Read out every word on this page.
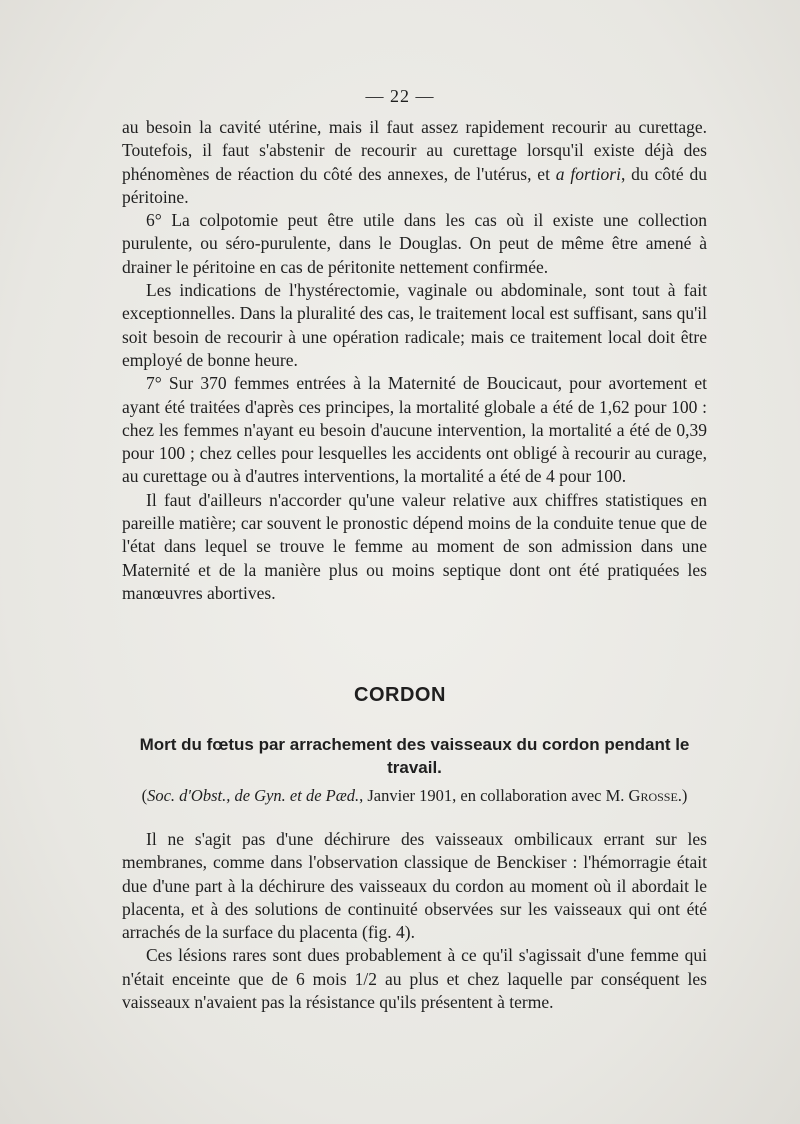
— 22 —

au besoin la cavité utérine, mais il faut assez rapidement recourir au curettage. Toutefois, il faut s'abstenir de recourir au curettage lorsqu'il existe déjà des phénomènes de réaction du côté des annexes, de l'utérus, et a fortiori, du côté du péritoine.

6° La colpotomie peut être utile dans les cas où il existe une collection purulente, ou séro-purulente, dans le Douglas. On peut de même être amené à drainer le péritoine en cas de péritonite nettement confirmée.

Les indications de l'hystérectomie, vaginale ou abdominale, sont tout à fait exceptionnelles. Dans la pluralité des cas, le traitement local est suffisant, sans qu'il soit besoin de recourir à une opération radicale; mais ce traitement local doit être employé de bonne heure.

7° Sur 370 femmes entrées à la Maternité de Boucicaut, pour avortement et ayant été traitées d'après ces principes, la mortalité globale a été de 1,62 pour 100 : chez les femmes n'ayant eu besoin d'aucune intervention, la mortalité a été de 0,39 pour 100 ; chez celles pour lesquelles les accidents ont obligé à recourir au curage, au curettage ou à d'autres interventions, la mortalité a été de 4 pour 100.

Il faut d'ailleurs n'accorder qu'une valeur relative aux chiffres statistiques en pareille matière; car souvent le pronostic dépend moins de la conduite tenue que de l'état dans lequel se trouve le femme au moment de son admission dans une Maternité et de la manière plus ou moins septique dont ont été pratiquées les manœuvres abortives.

CORDON
Mort du fœtus par arrachement des vaisseaux du cordon pendant le travail.
(Soc. d'Obst., de Gyn. et de Pæd., Janvier 1901, en collaboration avec M. Grosse.)

Il ne s'agit pas d'une déchirure des vaisseaux ombilicaux errant sur les membranes, comme dans l'observation classique de Benckiser : l'hémorragie était due d'une part à la déchirure des vaisseaux du cordon au moment où il abordait le placenta, et à des solutions de continuité observées sur les vaisseaux qui ont été arrachés de la surface du placenta (fig. 4).

Ces lésions rares sont dues probablement à ce qu'il s'agissait d'une femme qui n'était enceinte que de 6 mois 1/2 au plus et chez laquelle par conséquent les vaisseaux n'avaient pas la résistance qu'ils présentent à terme.
